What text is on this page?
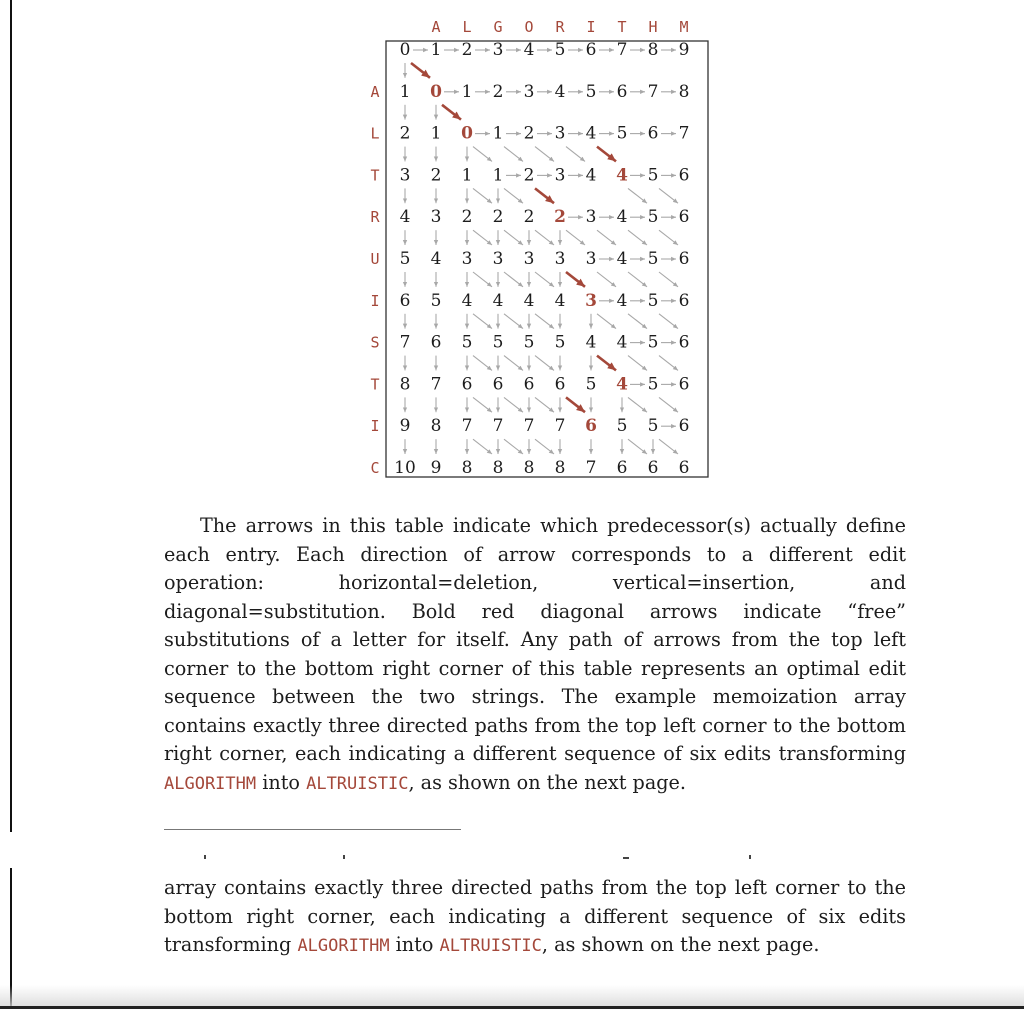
A L G O R I T H M
A
L
T
R
U
I
S
T
I
C
0 1 2 3 4 5 6 7 8 9
1 0 1 2 3 4 5 6 7 8
2 1 0 1 2 3 4 5 6 7
3 2 1 1 2 3 4 4 5 6
4 3 2 2 2 2 3 4 5 6
5 4 3 3 3 3 3 4 5 6
6 5 4 4 4 4 3 4 5 6
7 6 5 5 5 5 4 4 5 6
8 7 6 6 6 6 5 4 5 6
9 8 7 7 7 7 6 5 5 6
10 9 8 8 8 8 7 6 6 6

The arrows in this table indicate which predecessor(s) actually define each entry. Each direction of arrow corresponds to a different edit operation: horizontal=deletion, vertical=insertion, and diagonal=substitution. Bold red diagonal arrows indicate “free” substitutions of a letter for itself. Any path of arrows from the top left corner to the bottom right corner of this table represents an optimal edit sequence between the two strings. The example memoization array contains exactly three directed paths from the top left corner to the bottom right corner, each indicating a different sequence of six edits transforming ALGORITHM into ALTRUISTIC, as shown on the next page.

array contains exactly three directed paths from the top left corner to the bottom right corner, each indicating a different sequence of six edits transforming ALGORITHM into ALTRUISTIC, as shown on the next page.
